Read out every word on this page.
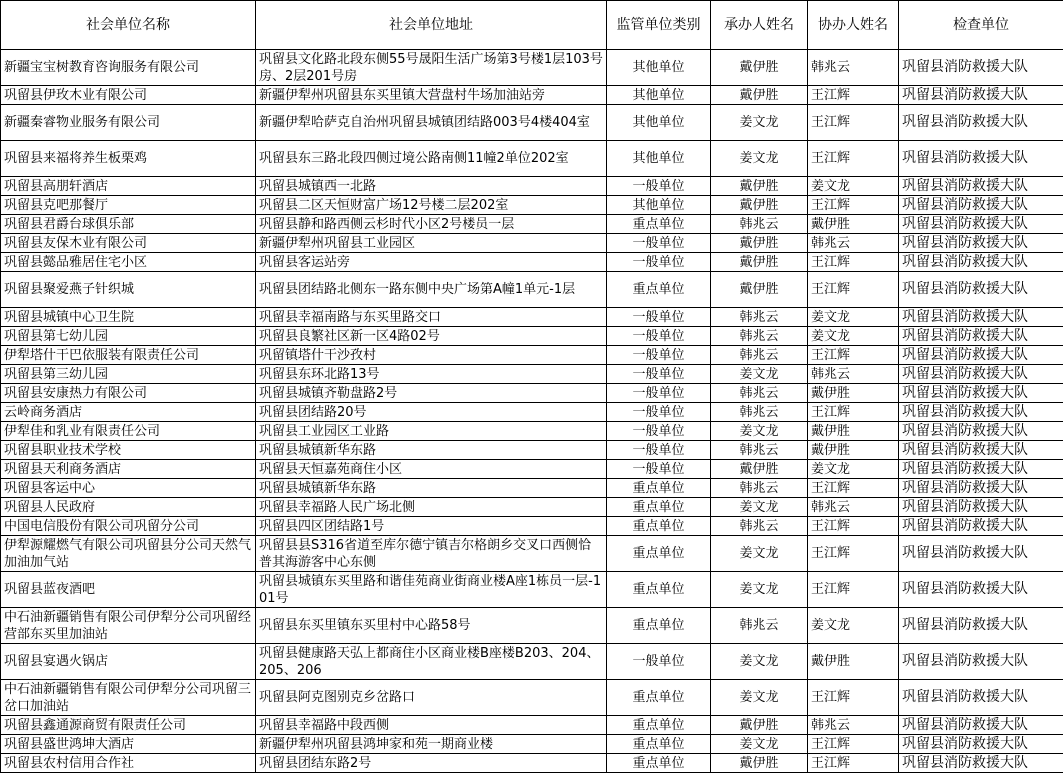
社会单位名称	社会单位地址	监管单位类别	承办人姓名	协办人姓名	检查单位
新疆宝宝树教育咨询服务有限公司	巩留县文化路北段东侧55号晟阳生活广场第3号楼1层103号房、2层201号房	其他单位	戴伊胜	韩兆云	巩留县消防救援大队
巩留县伊玫木业有限公司	新疆伊犁州巩留县东买里镇大营盘村牛场加油站旁	其他单位	戴伊胜	王江辉	巩留县消防救援大队
新疆秦睿物业服务有限公司	新疆伊犁哈萨克自治州巩留县城镇团结路003号4楼404室	其他单位	姜文龙	王江辉	巩留县消防救援大队
巩留县来福将养生板栗鸡	巩留县东三路北段四侧过境公路南侧11幢2单位202室	其他单位	姜文龙	王江辉	巩留县消防救援大队
巩留县高朋轩酒店	巩留县城镇西一北路	一般单位	戴伊胜	姜文龙	巩留县消防救援大队
巩留县克吧那餐厅	巩留县二区天恒财富广场12号楼二层202室	其他单位	戴伊胜	王江辉	巩留县消防救援大队
巩留县君爵台球俱乐部	巩留县静和路西侧云杉时代小区2号楼员一层	重点单位	韩兆云	戴伊胜	巩留县消防救援大队
巩留县友保木业有限公司	新疆伊犁州巩留县工业园区	一般单位	戴伊胜	韩兆云	巩留县消防救援大队
巩留县懿品雅居住宅小区	巩留县客运站旁	一般单位	戴伊胜	王江辉	巩留县消防救援大队
巩留县聚爱燕子针织城	巩留县团结路北侧东一路东侧中央广场第A幢1单元-1层	重点单位	戴伊胜	王江辉	巩留县消防救援大队
巩留县城镇中心卫生院	巩留县幸福南路与东买里路交口	一般单位	韩兆云	姜文龙	巩留县消防救援大队
巩留县第七幼儿园	巩留县良繁社区新一区4路02号	一般单位	韩兆云	姜文龙	巩留县消防救援大队
伊犁塔什干巴依服装有限责任公司	巩留镇塔什干沙孜村	一般单位	韩兆云	王江辉	巩留县消防救援大队
巩留县第三幼儿园	巩留县东环北路13号	一般单位	姜文龙	韩兆云	巩留县消防救援大队
巩留县安康热力有限公司	巩留县城镇齐勒盘路2号	一般单位	韩兆云	戴伊胜	巩留县消防救援大队
云岭商务酒店	巩留县团结路20号	一般单位	韩兆云	王江辉	巩留县消防救援大队
伊犁佳和乳业有限责任公司	巩留县工业园区工业路	一般单位	姜文龙	戴伊胜	巩留县消防救援大队
巩留县职业技术学校	巩留县城镇新华东路	一般单位	韩兆云	戴伊胜	巩留县消防救援大队
巩留县天利商务酒店	巩留县天恒嘉苑商住小区	一般单位	戴伊胜	姜文龙	巩留县消防救援大队
巩留县客运中心	巩留县城镇新华东路	重点单位	韩兆云	王江辉	巩留县消防救援大队
巩留县人民政府	巩留县幸福路人民广场北侧	重点单位	姜文龙	韩兆云	巩留县消防救援大队
中国电信股份有限公司巩留分公司	巩留县四区团结路1号	重点单位	韩兆云	王江辉	巩留县消防救援大队
伊犁源耀燃气有限公司巩留县分公司天然气加油加气站	巩留县县S316省道至库尔德宁镇吉尔格朗乡交叉口西侧恰普其海游客中心东侧	重点单位	姜文龙	王江辉	巩留县消防救援大队
巩留县蓝夜酒吧	巩留县城镇东买里路和谐佳苑商业街商业楼A座1栋员一层-101号	重点单位	姜文龙	王江辉	巩留县消防救援大队
中石油新疆销售有限公司伊犁分公司巩留经营部东买里加油站	巩留县东买里镇东买里村中心路58号	重点单位	韩兆云	姜文龙	巩留县消防救援大队
巩留县宴遇火锅店	巩留县健康路天弘上都商住小区商业楼B座楼B203、204、205、206	一般单位	姜文龙	戴伊胜	巩留县消防救援大队
中石油新疆销售有限公司伊犁分公司巩留三岔口加油站	巩留县阿克图别克乡岔路口	重点单位	姜文龙	王江辉	巩留县消防救援大队
巩留县鑫通源商贸有限责任公司	巩留县幸福路中段西侧	重点单位	戴伊胜	韩兆云	巩留县消防救援大队
巩留县盛世鸿坤大酒店	新疆伊犁州巩留县鸿坤家和苑一期商业楼	重点单位	姜文龙	王江辉	巩留县消防救援大队
巩留县农村信用合作社	巩留县团结东路2号	重点单位	戴伊胜	王江辉	巩留县消防救援大队
